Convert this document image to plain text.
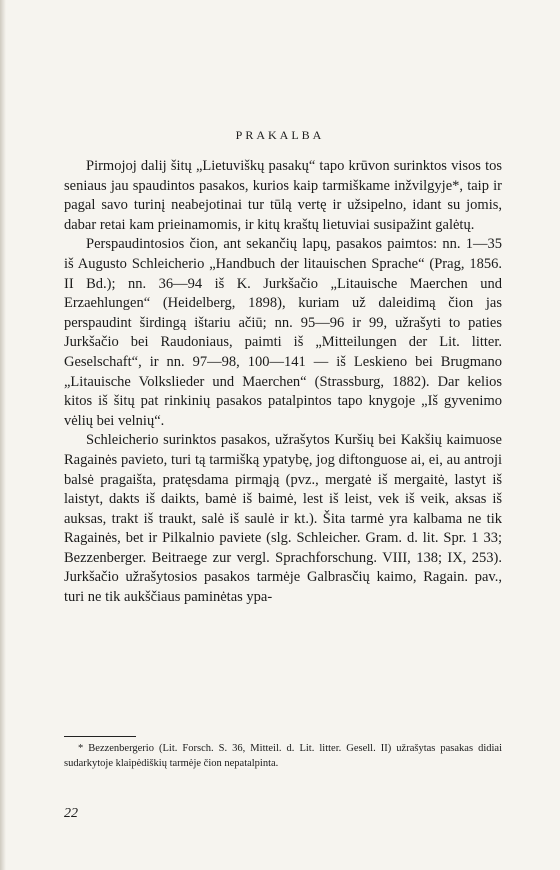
PRAKALBA

Pirmojoj dalij šitų „Lietuviškų pasakų“ tapo krūvon surinktos visos tos seniaus jau spaudintos pasakos, kurios kaip tarmiškame inžvilgyje*, taip ir pagal savo turinį neabejotinai tur tūlą vertę ir užsipelno, idant su jomis, dabar retai kam prieinamomis, ir kitų kraštų lietuviai susipažint galėtų.

Perspaudintosios čion, ant sekančių lapų, pasakos paimtos: nn. 1—35 iš Augusto Schleicherio „Handbuch der litauischen Sprache“ (Prag, 1856. II Bd.); nn. 36—94 iš K. Jurkšačio „Litauische Maerchen und Erzaehlungen“ (Heidelberg, 1898), kuriam už daleidimą čion jas perspaudint širdingą ištariu ačiū; nn. 95—96 ir 99, užrašyti to paties Jurkšačio bei Raudoniaus, paimti iš „Mitteilungen der Lit. litter. Geselschaft“, ir nn. 97—98, 100—141 — iš Leskieno bei Brugmano „Litauische Volkslieder und Maerchen“ (Strassburg, 1882). Dar kelios kitos iš šitų pat rinkinių pasakos patalpintos tapo knygoje „Iš gyvenimo vėlių bei velnių“.

Schleicherio surinktos pasakos, užrašytos Kuršių bei Kakšių kaimuose Ragainės pavieto, turi tą tarmišką ypatybę, jog diftonguose ai, ei, au antroji balsė pragaišta, pratęsdama pirmąją (pvz., mergatė iš mergaitė, lastyt iš laistyt, dakts iš daikts, bamė iš baimė, lest iš leist, vek iš veik, aksas iš auksas, trakt iš traukt, salė iš saulė ir kt.). Šita tarmė yra kalbama ne tik Ragainės, bet ir Pilkalnio paviete (slg. Schleicher. Gram. d. lit. Spr. 1 33; Bezzenberger. Beitraege zur vergl. Sprachforschung. VIII, 138; IX, 253). Jurkšačio užrašytosios pasakos tarmėje Galbrasčių kaimo, Ragain. pav., turi ne tik aukščiaus paminėtas ypa-

* Bezzenbergerio (Lit. Forsch. S. 36, Mitteil. d. Lit. litter. Gesell. II) užrašytas pasakas didiai sudarkytoje klaipėdiškių tarmėje čion nepatalpinta.

22
